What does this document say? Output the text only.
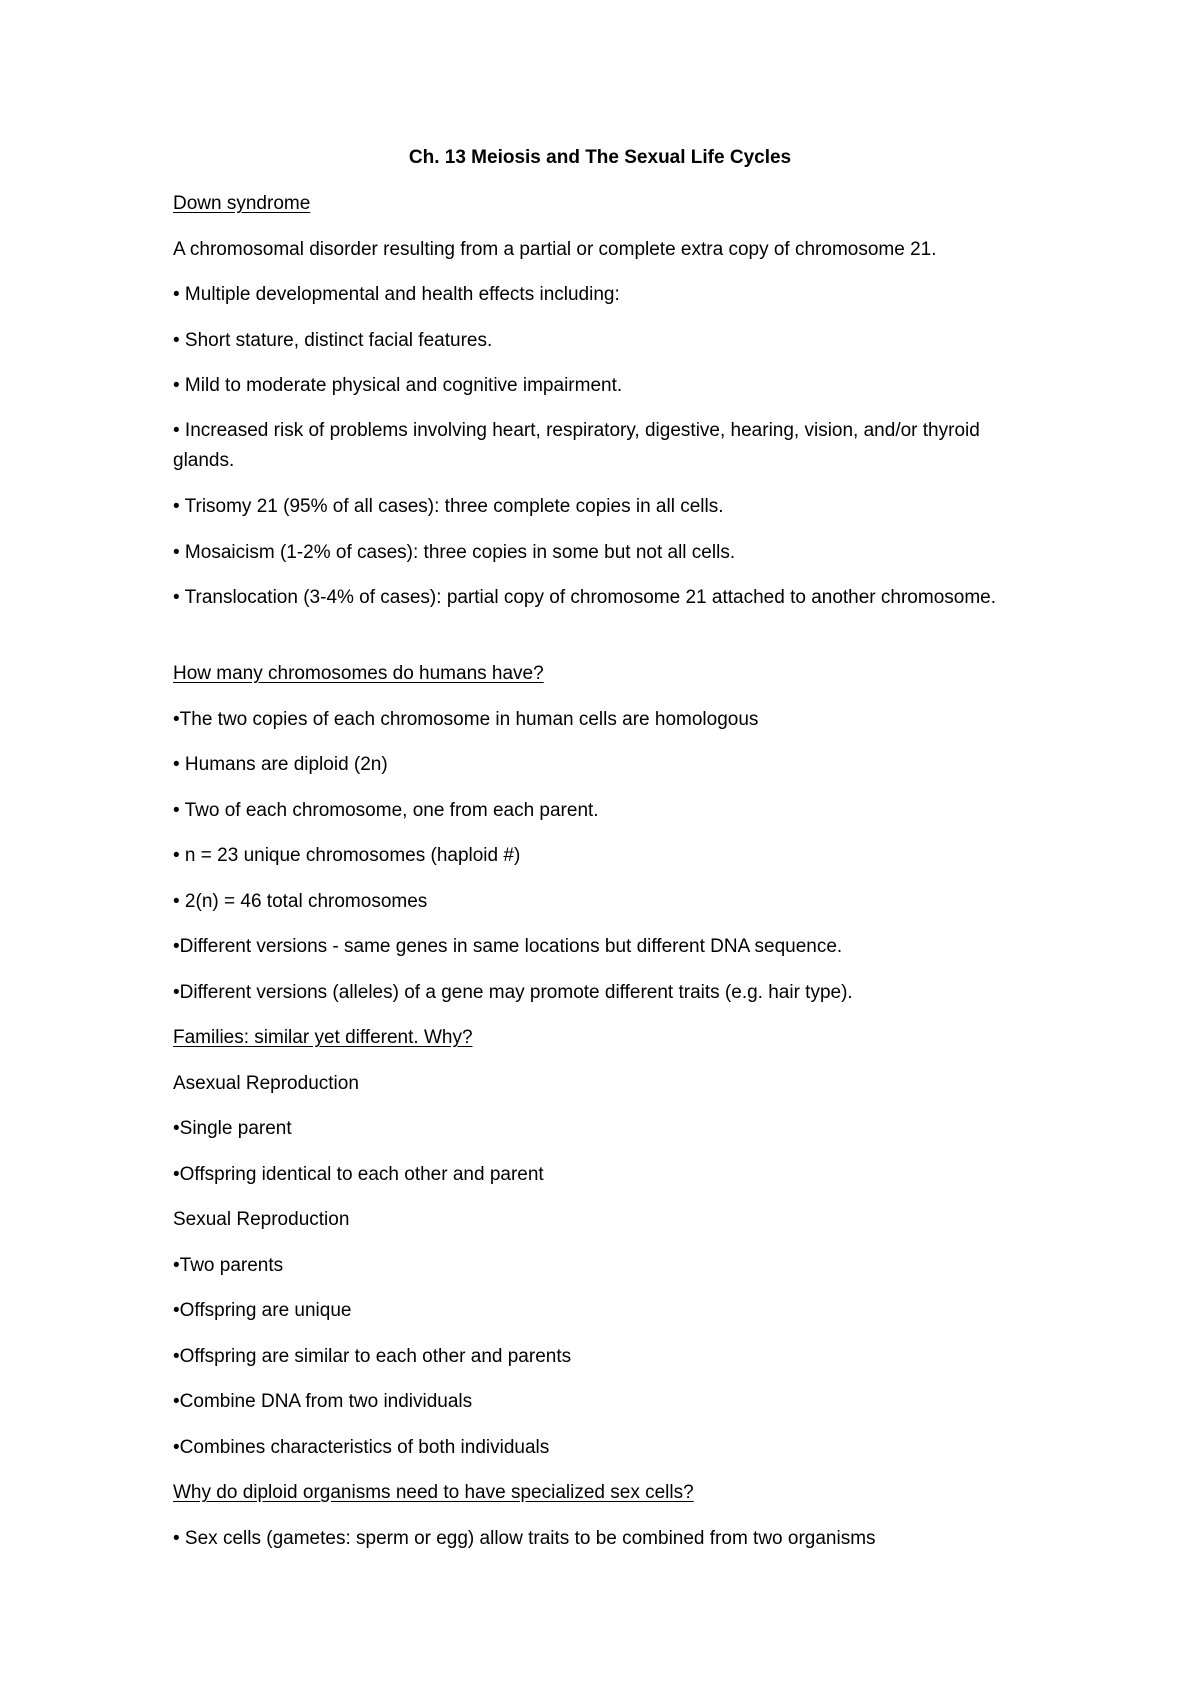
Ch. 13 Meiosis and The Sexual Life Cycles
Down syndrome
A chromosomal disorder resulting from a partial or complete extra copy of chromosome 21.
• Multiple developmental and health effects including:
• Short stature, distinct facial features.
• Mild to moderate physical and cognitive impairment.
• Increased risk of problems involving heart, respiratory, digestive, hearing, vision, and/or thyroid glands.
• Trisomy 21 (95% of all cases): three complete copies in all cells.
• Mosaicism (1-2% of cases): three copies in some but not all cells.
• Translocation (3-4% of cases): partial copy of chromosome 21 attached to another chromosome.
How many chromosomes do humans have?
•The two copies of each chromosome in human cells are homologous
• Humans are diploid (2n)
• Two of each chromosome, one from each parent.
• n = 23 unique chromosomes (haploid #)
• 2(n) = 46 total chromosomes
•Different versions - same genes in same locations but different DNA sequence.
•Different versions (alleles) of a gene may promote different traits (e.g. hair type).
Families: similar yet different. Why?
Asexual Reproduction
•Single parent
•Offspring identical to each other and parent
Sexual Reproduction
•Two parents
•Offspring are unique
•Offspring are similar to each other and parents
•Combine DNA from two individuals
•Combines characteristics of both individuals
Why do diploid organisms need to have specialized sex cells?
• Sex cells (gametes: sperm or egg) allow traits to be combined from two organisms
